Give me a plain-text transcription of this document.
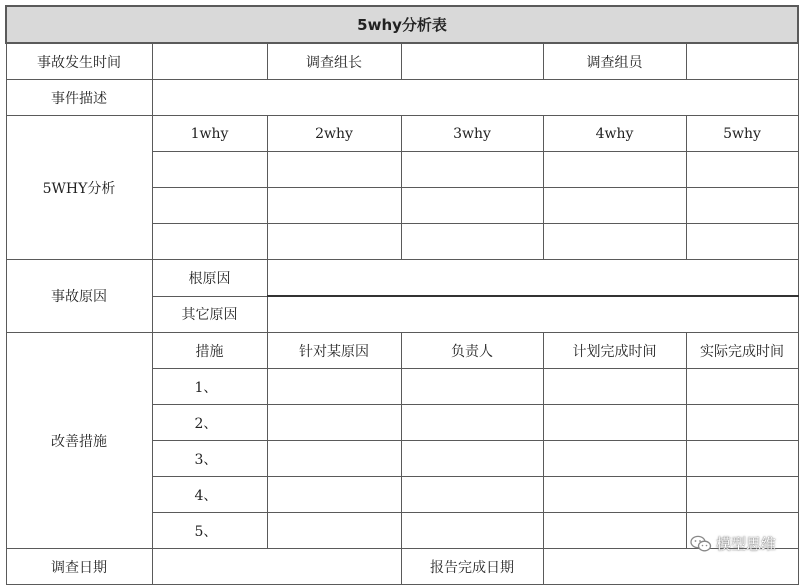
5why分析表					
事故发生时间		调查组长		调查组员	
事件描述					
5WHY分析	1why	2why	3why	4why	5why

事故原因	根原因				
	其它原因				
改善措施	措施	针对某原因	负责人	计划完成时间	实际完成时间
	1、				
	2、				
	3、				
	4、				
	5、				
调查日期			报告完成日期		
模型思维
